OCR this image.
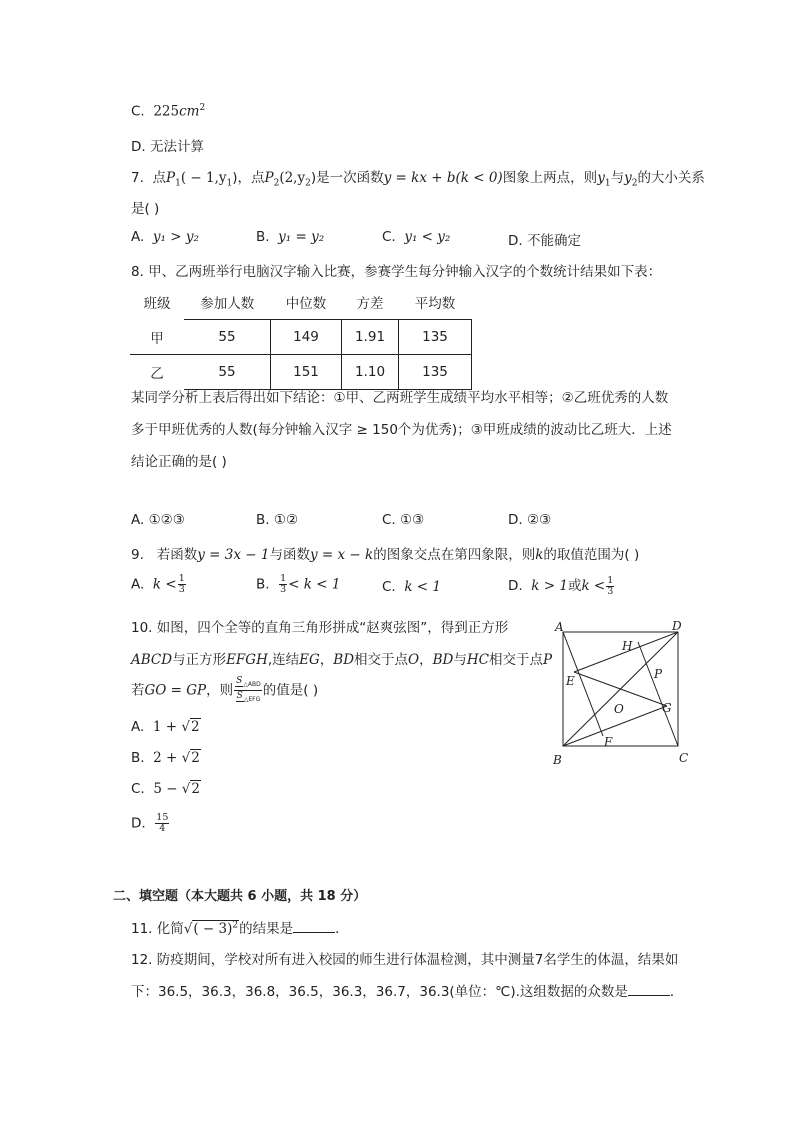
C. $225cm^2$
D. 无法计算
7. 点$P_1( - 1,y_1)$，点$P_2(2,y_2)$是一次函数y = kx + b(k < 0)图象上两点，则$y_1$与$y_2$的大小关系
是( )
A. y₁ > y₂	B. y₁ = y₂	C. y₁ < y₂	D. 不能确定
8. 甲、乙两班举行电脑汉字输入比赛，参赛学生每分钟输入汉字的个数统计结果如下表：
班级	参加人数	中位数	方差	平均数
甲	55	149	1.91	135
乙	55	151	1.10	135
某同学分析上表后得出如下结论：①甲、乙两班学生成绩平均水平相等；②乙班优秀的人数
多于甲班优秀的人数(每分钟输入汉字 ≥ 150个为优秀)；③甲班成绩的波动比乙班大．上述
结论正确的是( )
A. ①②③	B. ①②	C. ①③	D. ②③
9. 若函数y = 3x − 1与函数y = x − k的图象交点在第四象限，则k的取值范围为( )
A. $k < \frac{1}{3}$	B. $\frac{1}{3} < k < 1$	C. k < 1	D. k > 1或$k < \frac{1}{3}$
10. 如图，四个全等的直角三角形拼成“赵爽弦图”，得到正方形
ABCD与正方形EFGH,连结EG，BD相交于点O，BD与HC相交于点P
若GO = GP，则 $\frac{S_{\triangle ABD}}{S_{\triangle EFG}}$ 的值是( )
A. 1 + √2
B. 2 + √2
C. 5 − √2
D. $\frac{15}{4}$
A
B	C
D
E
F
G
H
O
P
二、填空题（本大题共 6 小题，共 18 分）
11. 化简√( − 3)$^2$的结果是	．
12. 防疫期间，学校对所有进入校园的师生进行体温检测，其中测量7名学生的体温，结果如
下：36.5，36.3，36.8，36.5，36.3，36.7，36.3(单位：℃).这组数据的众数是	．
